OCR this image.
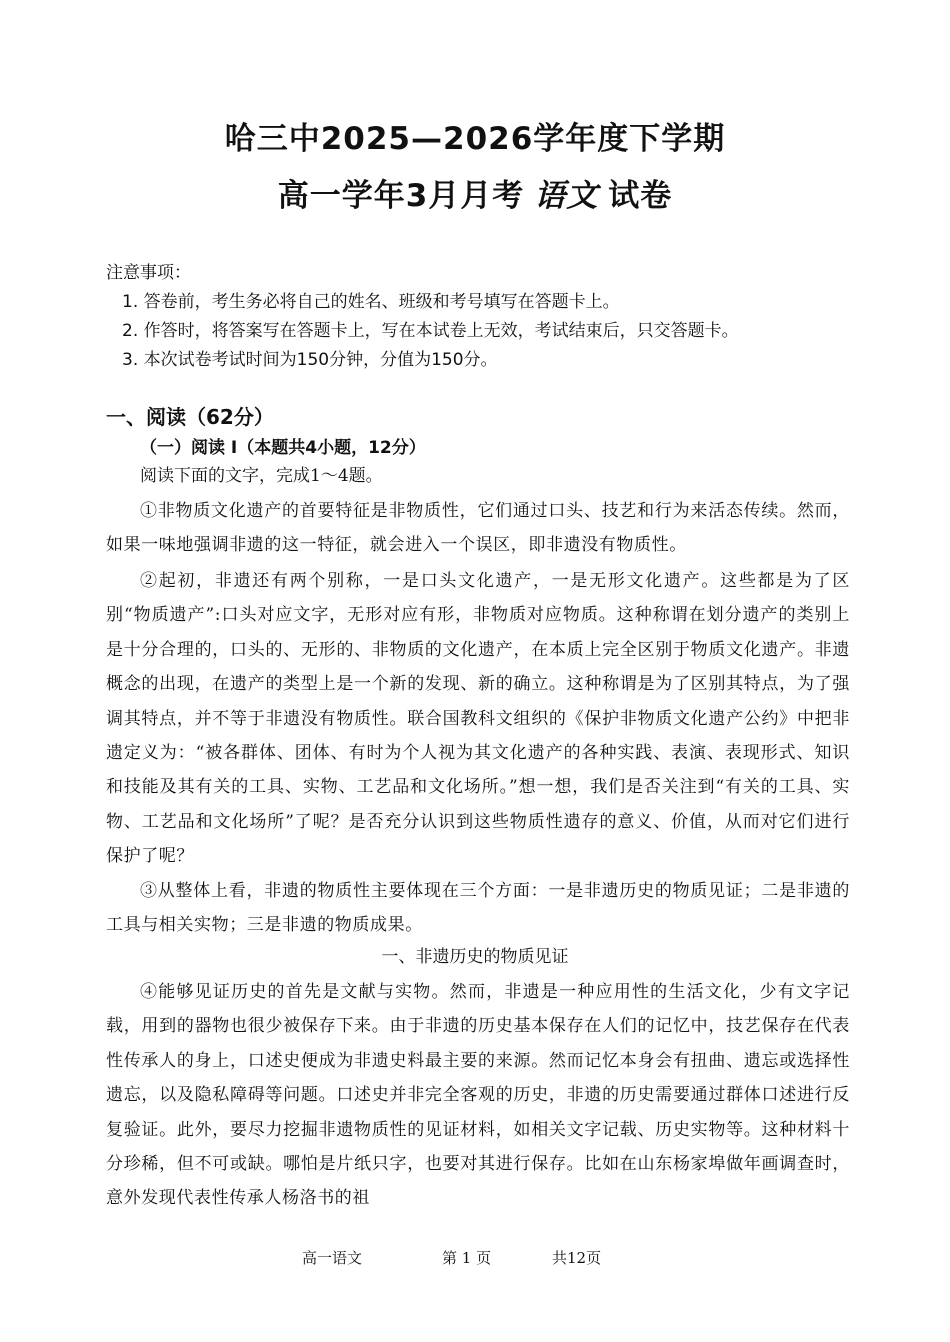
哈三中2025—2026学年度下学期
高一学年3月月考 语文 试卷
注意事项：
1. 答卷前，考生务必将自己的姓名、班级和考号填写在答题卡上。
2. 作答时，将答案写在答题卡上，写在本试卷上无效，考试结束后，只交答题卡。
3. 本次试卷考试时间为150分钟，分值为150分。
一、阅读（62分）
（一）阅读 I（本题共4小题，12分）
阅读下面的文字，完成1～4题。

①非物质文化遗产的首要特征是非物质性，它们通过口头、技艺和行为来活态传续。然而，如果一味地强调非遗的这一特征，就会进入一个误区，即非遗没有物质性。

②起初，非遗还有两个别称，一是口头文化遗产，一是无形文化遗产。这些都是为了区别“物质遗产”:口头对应文字，无形对应有形，非物质对应物质。这种称谓在划分遗产的类别上是十分合理的，口头的、无形的、非物质的文化遗产，在本质上完全区别于物质文化遗产。非遗概念的出现，在遗产的类型上是一个新的发现、新的确立。这种称谓是为了区别其特点，为了强调其特点，并不等于非遗没有物质性。联合国教科文组织的《保护非物质文化遗产公约》中把非遗定义为：“被各群体、团体、有时为个人视为其文化遗产的各种实践、表演、表现形式、知识和技能及其有关的工具、实物、工艺品和文化场所。”想一想，我们是否关注到“有关的工具、实物、工艺品和文化场所”了呢？是否充分认识到这些物质性遗存的意义、价值，从而对它们进行保护了呢？

③从整体上看，非遗的物质性主要体现在三个方面：一是非遗历史的物质见证；二是非遗的工具与相关实物；三是非遗的物质成果。

一、非遗历史的物质见证

④能够见证历史的首先是文献与实物。然而，非遗是一种应用性的生活文化，少有文字记载，用到的器物也很少被保存下来。由于非遗的历史基本保存在人们的记忆中，技艺保存在代表性传承人的身上，口述史便成为非遗史料最主要的来源。然而记忆本身会有扭曲、遗忘或选择性遗忘，以及隐私障碍等问题。口述史并非完全客观的历史，非遗的历史需要通过群体口述进行反复验证。此外，要尽力挖掘非遗物质性的见证材料，如相关文字记载、历史实物等。这种材料十分珍稀，但不可或缺。哪怕是片纸只字，也要对其进行保存。比如在山东杨家埠做年画调查时，意外发现代表性传承人杨洛书的祖

高一语文	第 1 页	共12页
